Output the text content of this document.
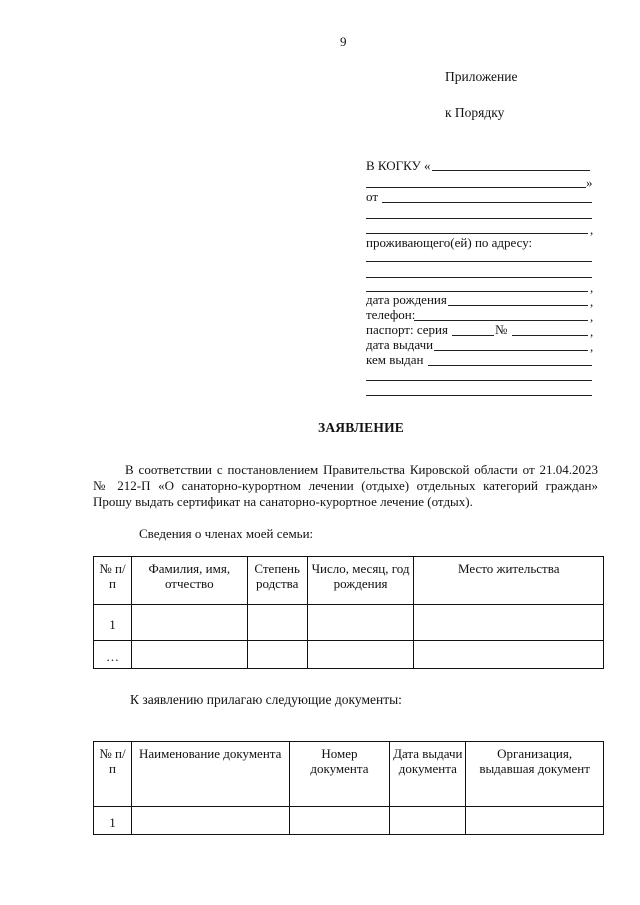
9
Приложение
к Порядку
В КОГКУ «
»
от
,
проживающего(ей) по адресу:
,
дата рождения	,
телефон:	,
паспорт: серия	№	,
дата выдачи	,
кем выдан
ЗАЯВЛЕНИЕ
В соответствии с постановлением Правительства Кировской области от 21.04.2023 № 212-П «О санаторно-курортном лечении (отдыхе) отдельных категорий граждан» Прошу выдать сертификат на санаторно-курортное лечение (отдых).
Сведения о членах моей семьи:
№ п/п	Фамилия, имя, отчество	Степень родства	Число, месяц, год рождения	Место жительства
1				
…				
К заявлению прилагаю следующие документы:
№ п/п	Наименование документа	Номер документа	Дата выдачи документа	Организация, выдавшая документ
1				
